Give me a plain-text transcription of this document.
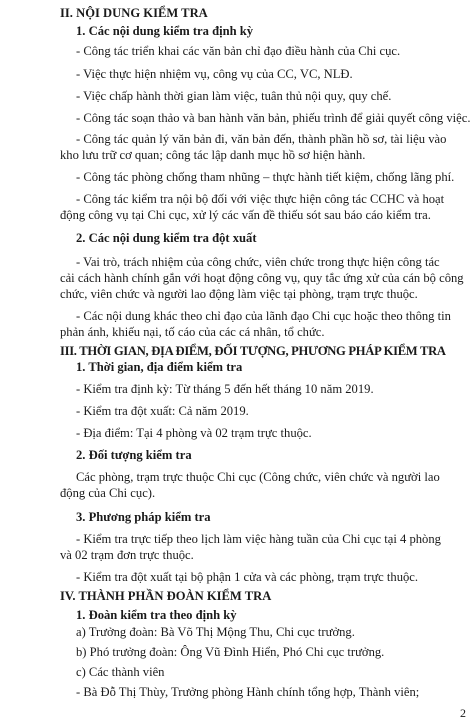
II. NỘI DUNG KIỂM TRA
1. Các nội dung kiểm tra định kỳ
- Công tác triển khai các văn bản chỉ đạo điều hành của Chi cục.
- Việc thực hiện nhiệm vụ, công vụ của CC, VC, NLĐ.
- Việc chấp hành thời gian làm việc, tuân thủ nội quy, quy chế.
- Công tác soạn thảo và ban hành văn bản, phiếu trình để giải quyết công việc.
- Công tác quản lý văn bản đi, văn bản đến, thành phần hồ sơ, tài liệu vào
kho lưu trữ cơ quan; công tác lập danh mục hồ sơ hiện hành.
- Công tác phòng chống tham nhũng – thực hành tiết kiệm, chống lãng phí.
- Công tác kiểm tra nội bộ đối với việc thực hiện công tác CCHC và hoạt
động công vụ tại Chi cục, xử lý các vấn đề thiếu sót sau báo cáo kiểm tra.
2. Các nội dung kiểm tra đột xuất
- Vai trò, trách nhiệm của công chức, viên chức trong thực hiện công tác
cải cách hành chính gắn với hoạt động công vụ, quy tắc ứng xử của cán bộ công
chức, viên chức và người lao động làm việc tại phòng, trạm trực thuộc.
- Các nội dung khác theo chỉ đạo của lãnh đạo Chi cục hoặc theo thông tin
phản ánh, khiếu nại, tố cáo của các cá nhân, tổ chức.
III. THỜI GIAN, ĐỊA ĐIỂM, ĐỐI TƯỢNG, PHƯƠNG PHÁP KIỂM TRA
1. Thời gian, địa điểm kiểm tra
- Kiểm tra định kỳ: Từ tháng 5 đến hết tháng 10 năm 2019.
- Kiểm tra đột xuất: Cả năm 2019.
- Địa điểm: Tại 4 phòng và 02 trạm trực thuộc.
2. Đối tượng kiểm tra
Các phòng, trạm trực thuộc Chi cục (Công chức, viên chức và người lao
động của Chi cục).
3. Phương pháp kiểm tra
- Kiểm tra trực tiếp theo lịch làm việc hàng tuần của Chi cục tại 4 phòng
và 02 trạm đơn trực thuộc.
- Kiểm tra đột xuất tại bộ phận 1 cửa và các phòng, trạm trực thuộc.
IV. THÀNH PHẦN ĐOÀN KIỂM TRA
1. Đoàn kiểm tra theo định kỳ
a) Trưởng đoàn: Bà Võ Thị Mộng Thu, Chi cục trưởng.
b) Phó trưởng đoàn: Ông Vũ Đình Hiển, Phó Chi cục trưởng.
c) Các thành viên
- Bà Đỗ Thị Thùy, Trưởng phòng Hành chính tổng hợp, Thành viên;
2
